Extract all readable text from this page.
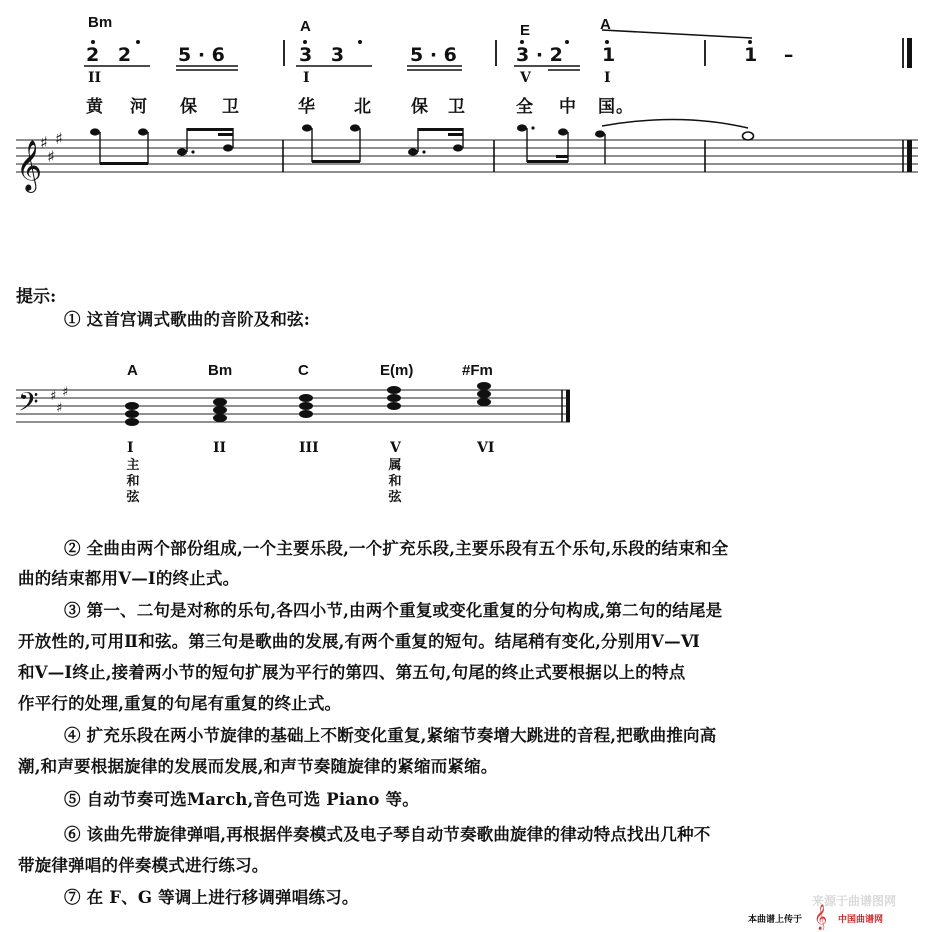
Bm	A	E	A
2 2 5 · 6	3 3	5 · 6	3 · 2 1	1 –
II	I	V	I
黄 河 保 卫	华 北 保 卫	全 中 国。
𝄞
♯
♯
♯
提示:
① 这首宫调式歌曲的音阶及和弦:
A	Bm	C	E(m)	#Fm
𝄢 ♯
♯
♯
I	II	III	V	VI
主和弦
属和弦
② 全曲由两个部份组成,一个主要乐段,一个扩充乐段,主要乐段有五个乐句,乐段的结束和全
曲的结束都用Ⅴ—Ⅰ的终止式。
③ 第一、二句是对称的乐句,各四小节,由两个重复或变化重复的分句构成,第二句的结尾是
开放性的,可用Ⅱ和弦。第三句是歌曲的发展,有两个重复的短句。结尾稍有变化,分别用Ⅴ—Ⅵ
和Ⅴ—Ⅰ终止,接着两小节的短句扩展为平行的第四、第五句,句尾的终止式要根据以上的特点
作平行的处理,重复的句尾有重复的终止式。
④ 扩充乐段在两小节旋律的基础上不断变化重复,紧缩节奏增大跳进的音程,把歌曲推向高
潮,和声要根据旋律的发展而发展,和声节奏随旋律的紧缩而紧缩。
⑤ 自动节奏可选March,音色可选 Piano 等。
⑥ 该曲先带旋律弹唱,再根据伴奏模式及电子琴自动节奏歌曲旋律的律动特点找出几种不
带旋律弹唱的伴奏模式进行练习。
⑦ 在 F、G 等调上进行移调弹唱练习。	来源于曲谱图网
本曲谱上传于 𝄞 中国曲谱网
